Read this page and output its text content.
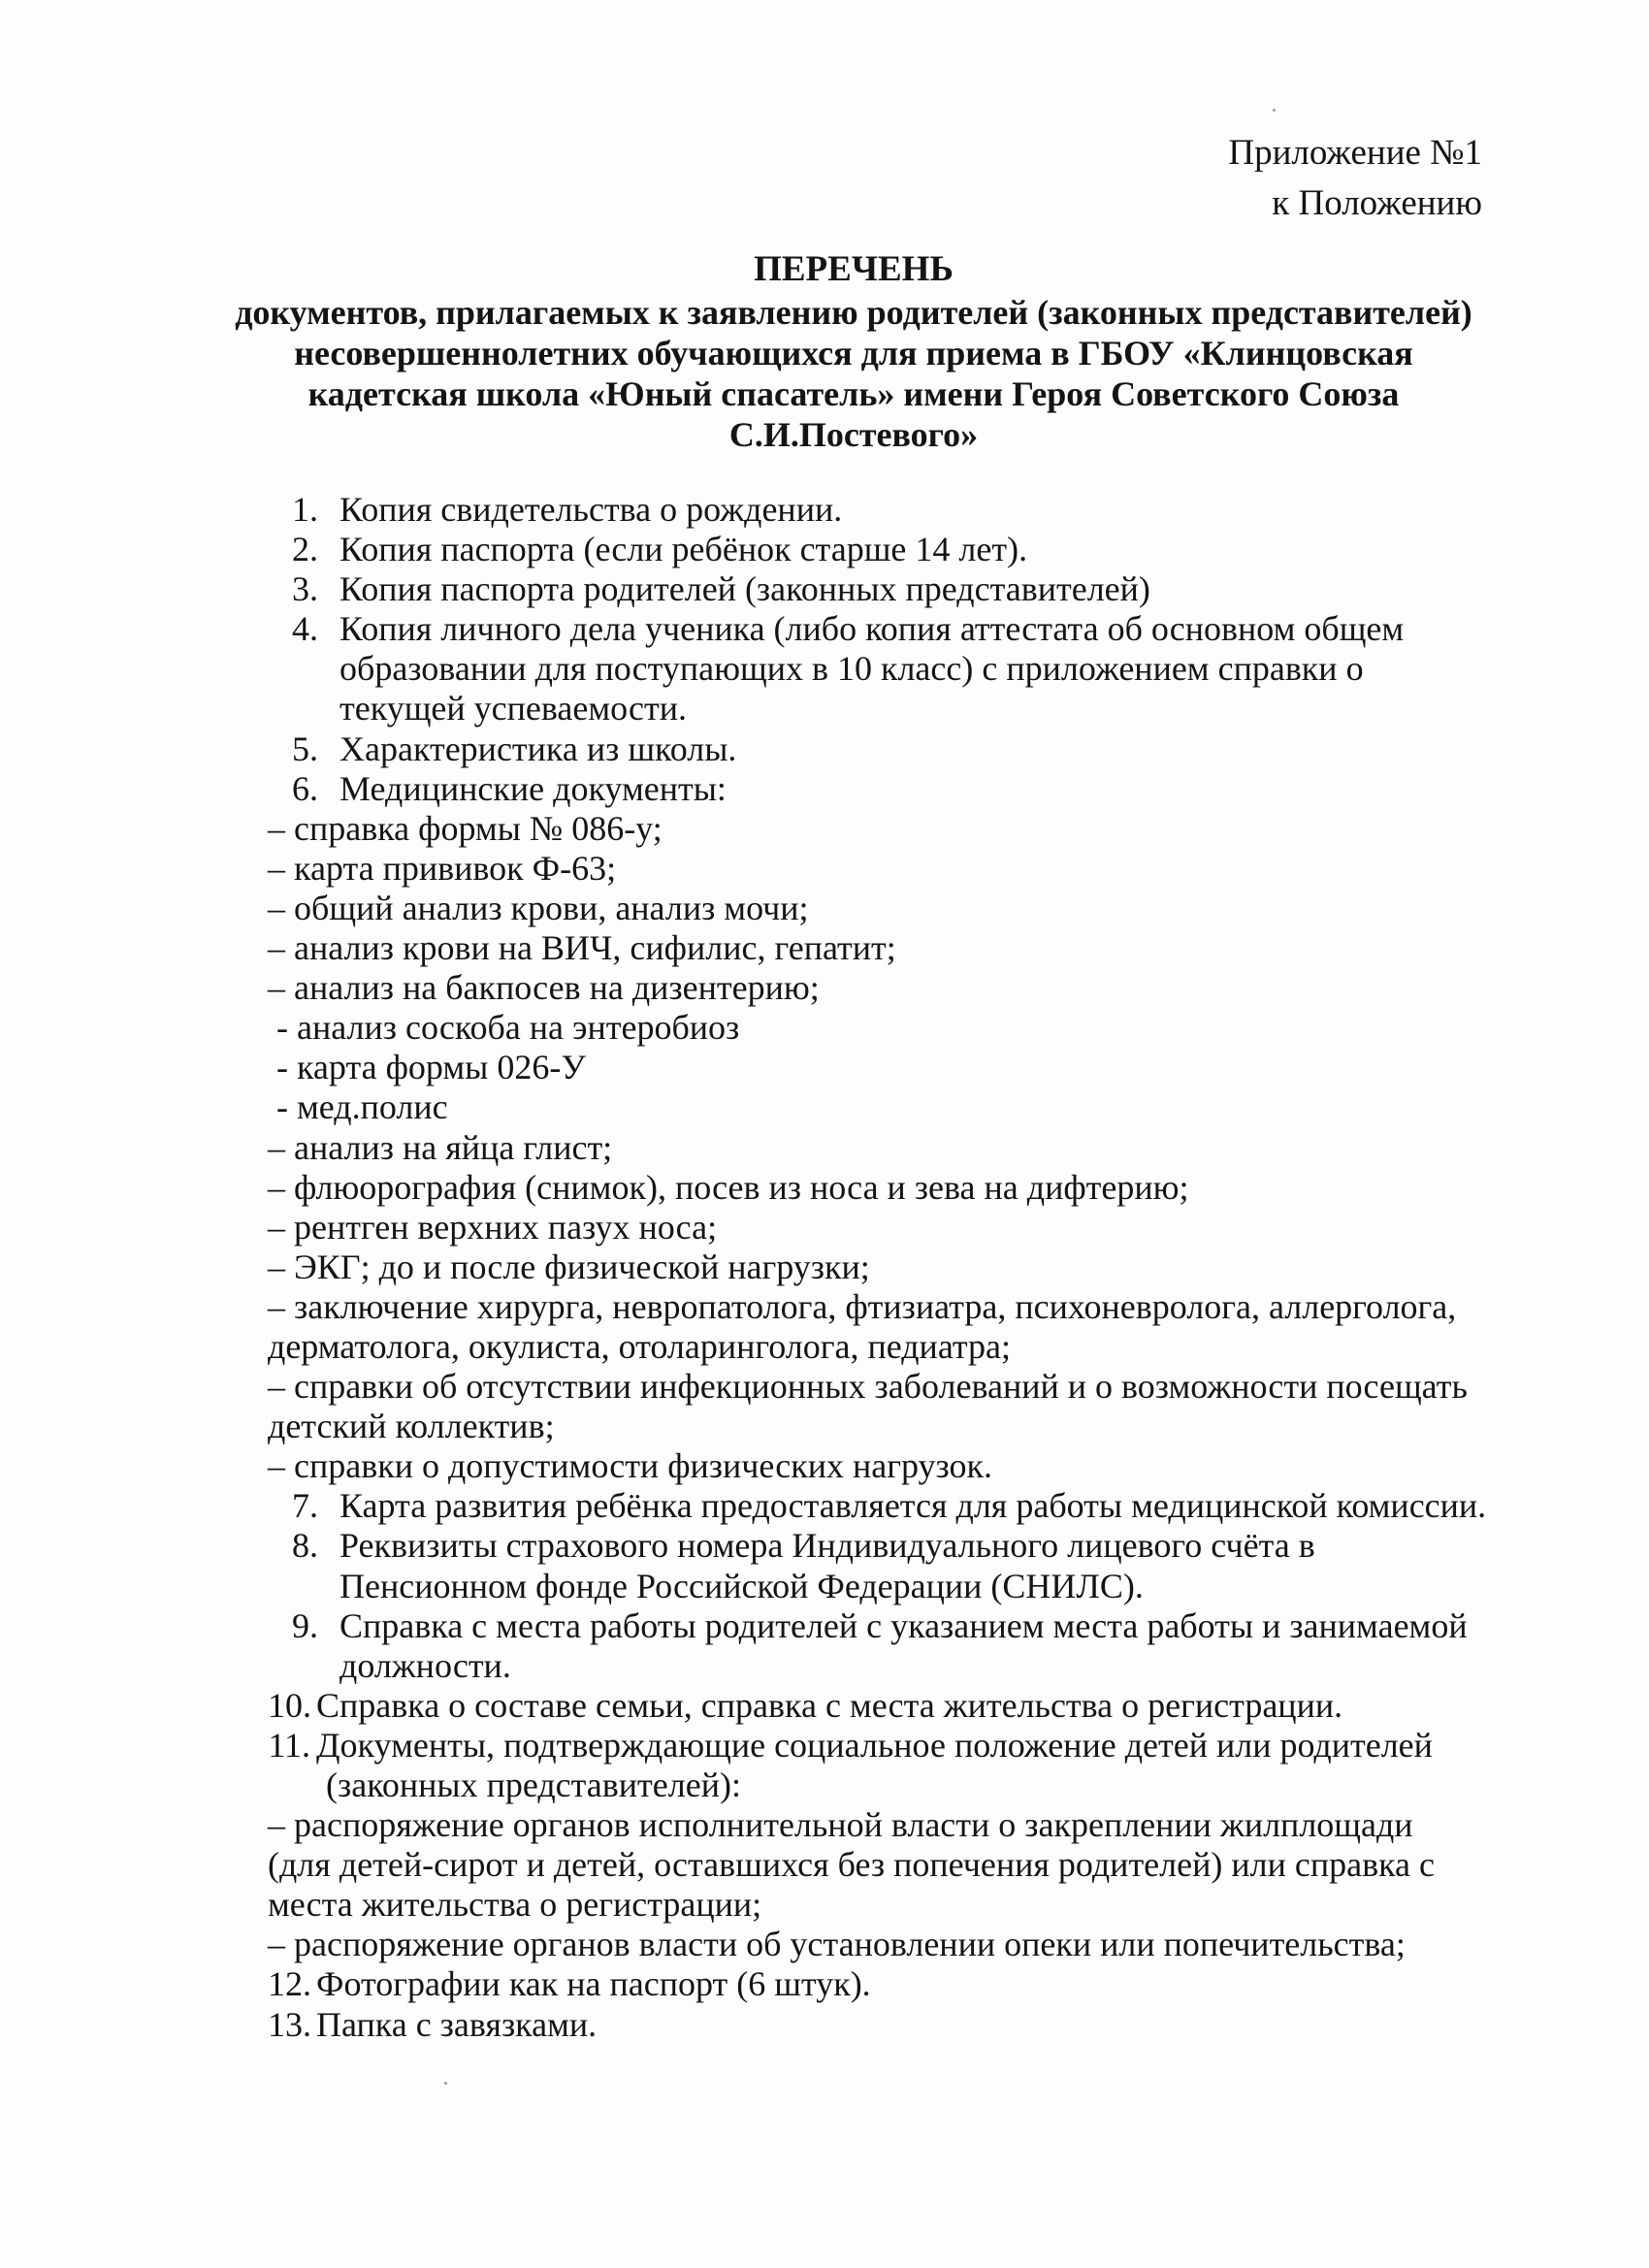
Приложение №1
к Положению
ПЕРЕЧЕНЬ
документов, прилагаемых к заявлению родителей (законных представителей)
несовершеннолетних обучающихся для приема в ГБОУ «Клинцовская
кадетская школа «Юный спасатель» имени Героя Советского Союза
С.И.Постевого»
1. Копия свидетельства о рождении.
2. Копия паспорта (если ребёнок старше 14 лет).
3. Копия паспорта родителей (законных представителей)
4. Копия личного дела ученика (либо копия аттестата об основном общем
образовании для поступающих в 10 класс) с приложением справки о
текущей успеваемости.
5. Характеристика из школы.
6. Медицинские документы:
– справка формы № 086-у;
– карта прививок Ф-63;
– общий анализ крови, анализ мочи;
– анализ крови на ВИЧ, сифилис, гепатит;
– анализ на бакпосев на дизентерию;
- анализ соскоба на энтеробиоз
- карта формы 026-У
- мед.полис
– анализ на яйца глист;
– флюорография (снимок), посев из носа и зева на дифтерию;
– рентген верхних пазух носа;
– ЭКГ; до и после физической нагрузки;
– заключение хирурга, невропатолога, фтизиатра, психоневролога, аллерголога,
дерматолога, окулиста, отоларинголога, педиатра;
– справки об отсутствии инфекционных заболеваний и о возможности посещать
детский коллектив;
– справки о допустимости физических нагрузок.
7. Карта развития ребёнка предоставляется для работы медицинской комиссии.
8. Реквизиты страхового номера Индивидуального лицевого счёта в
Пенсионном фонде Российской Федерации (СНИЛС).
9. Справка с места работы родителей с указанием места работы и занимаемой
должности.
10. Справка о составе семьи, справка с места жительства о регистрации.
11. Документы, подтверждающие социальное положение детей или родителей
(законных представителей):
– распоряжение органов исполнительной власти о закреплении жилплощади
(для детей-сирот и детей, оставшихся без попечения родителей) или справка с
места жительства о регистрации;
– распоряжение органов власти об установлении опеки или попечительства;
12. Фотографии как на паспорт (6 штук).
13. Папка с завязками.
